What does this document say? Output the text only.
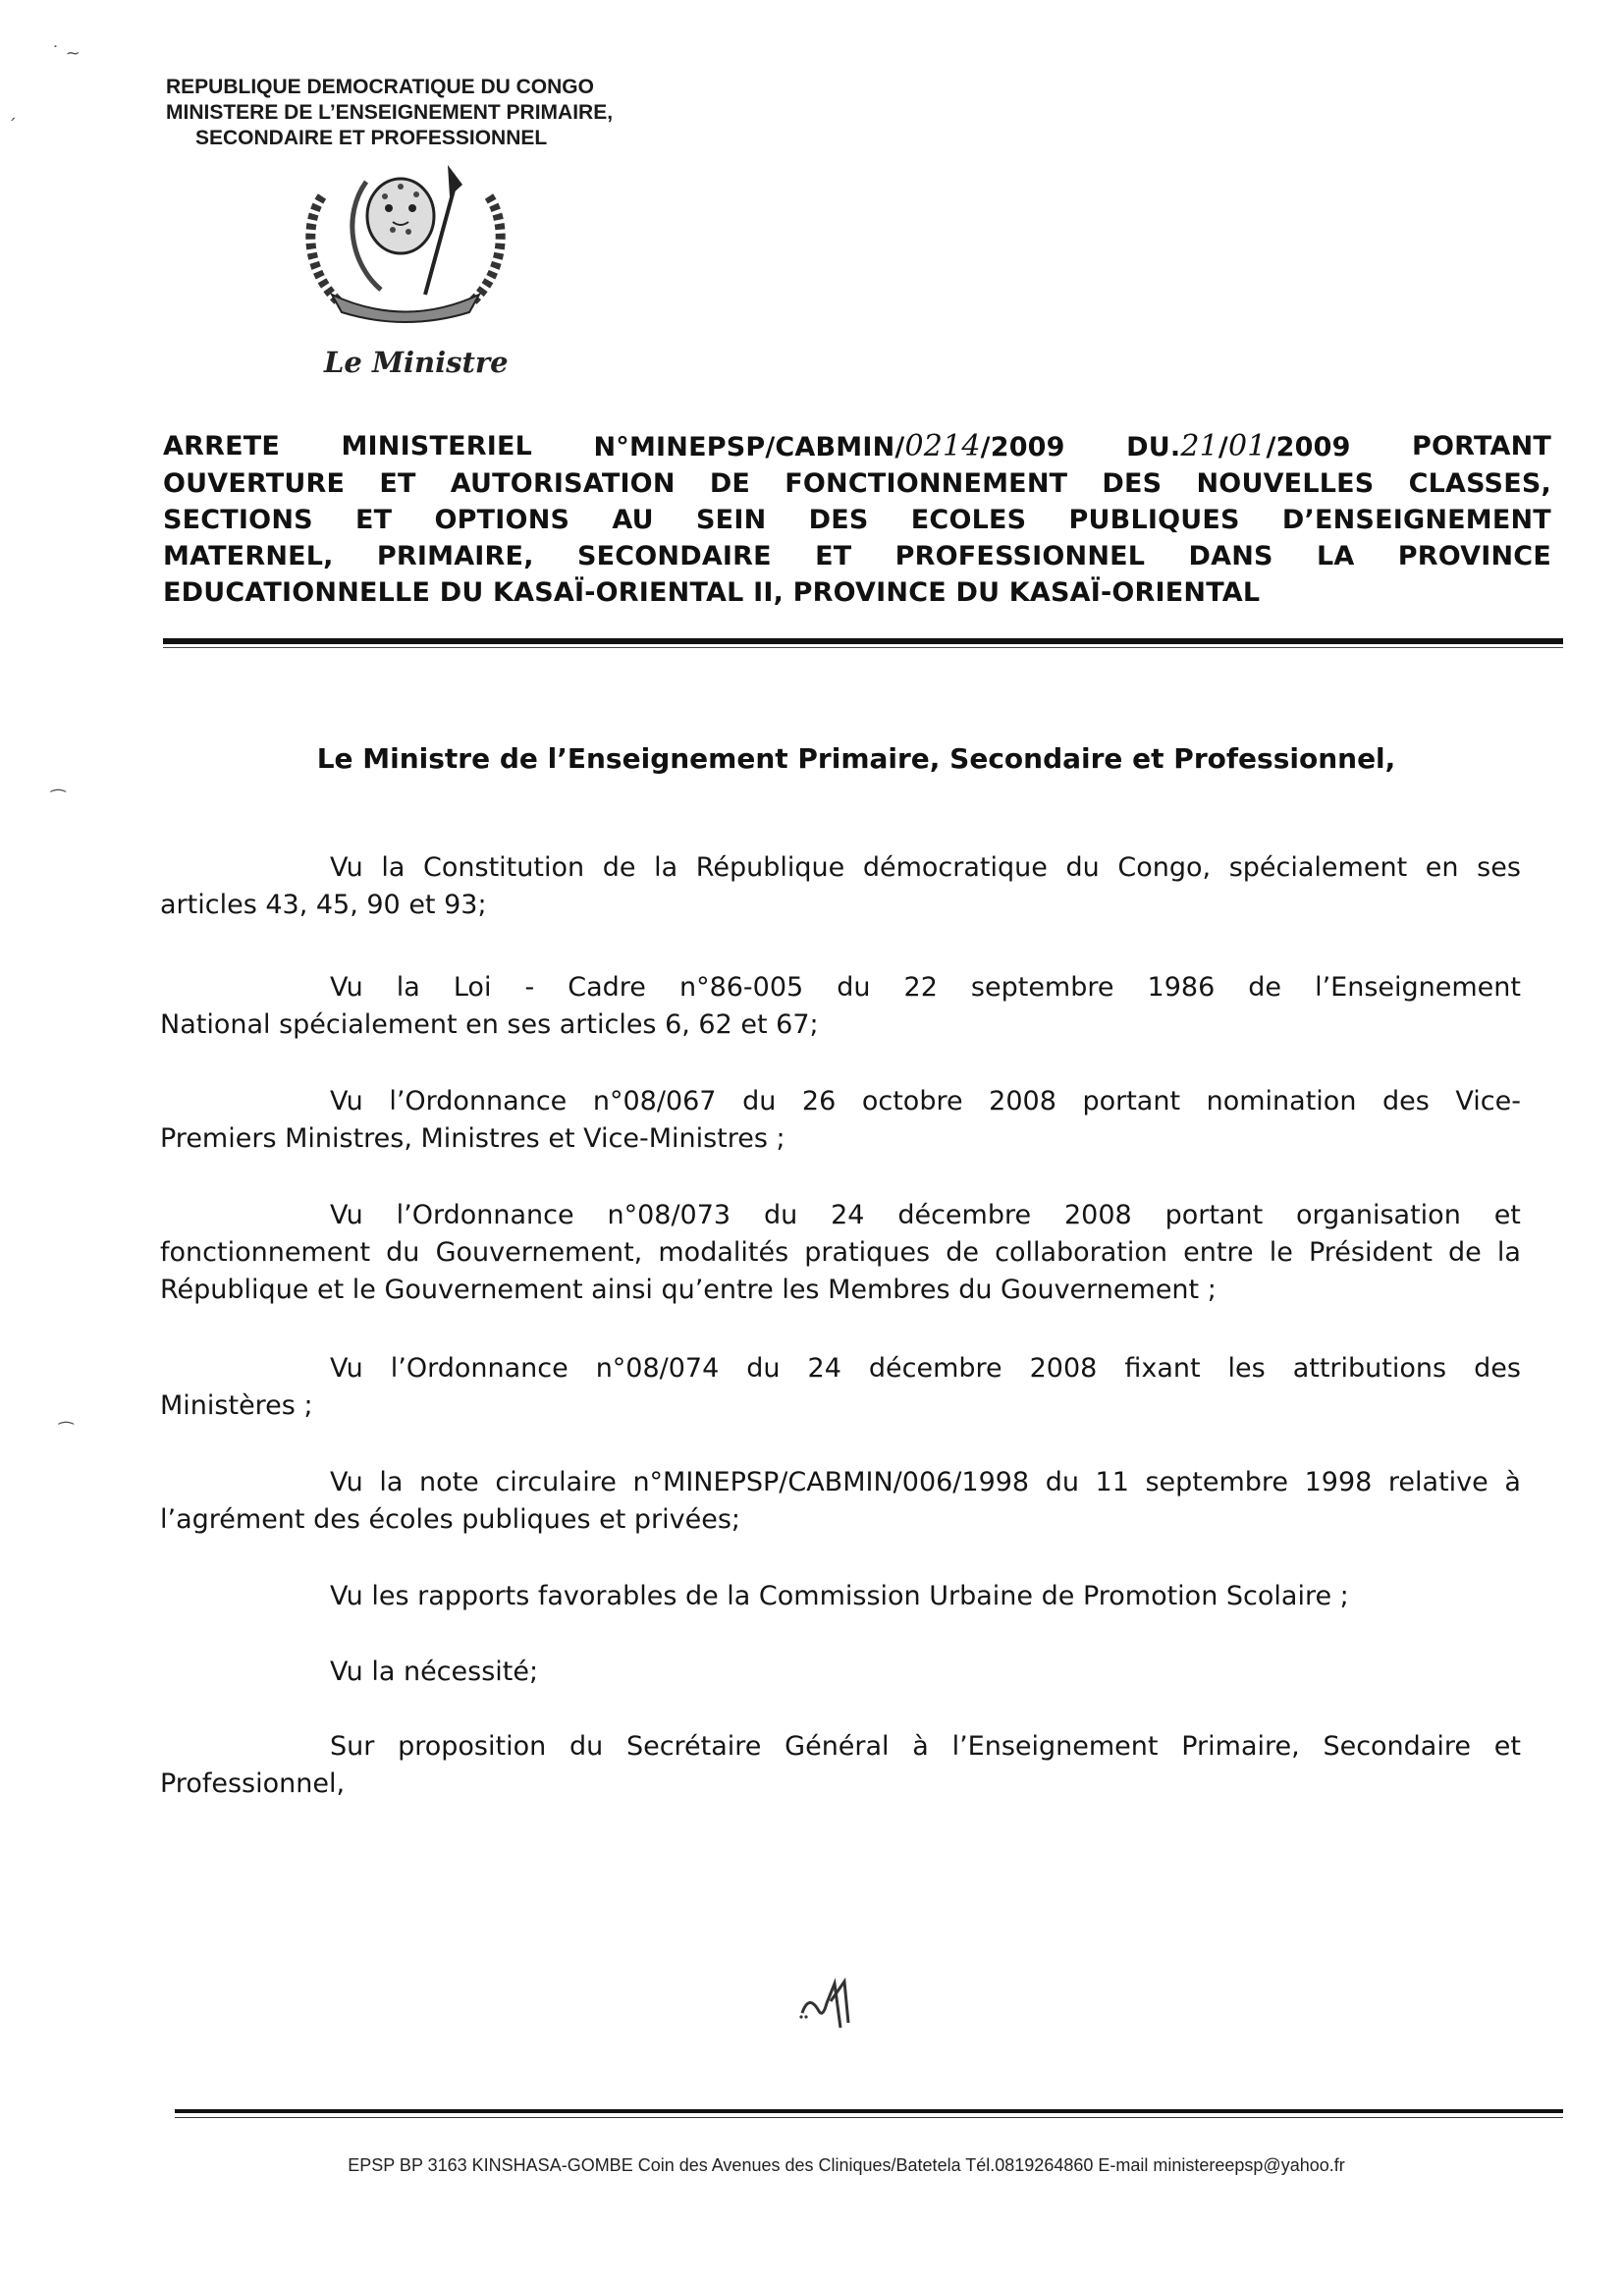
˙ ~
ˊ
⁀
⁀
REPUBLIQUE DEMOCRATIQUE DU CONGO
MINISTERE DE L’ENSEIGNEMENT PRIMAIRE,
SECONDAIRE ET PROFESSIONNEL
Le Ministre
ARRETE MINISTERIEL N°MINEPSP/CABMIN/0214/2009 DU.21/01/2009 PORTANT
OUVERTURE ET AUTORISATION DE FONCTIONNEMENT DES NOUVELLES CLASSES,
SECTIONS ET OPTIONS AU SEIN DES ECOLES PUBLIQUES D’ENSEIGNEMENT
MATERNEL, PRIMAIRE, SECONDAIRE ET PROFESSIONNEL DANS LA PROVINCE
EDUCATIONNELLE DU KASAÏ-ORIENTAL II, PROVINCE DU KASAÏ-ORIENTAL
Le Ministre de l’Enseignement Primaire, Secondaire et Professionnel,
Vu la Constitution de la République démocratique du Congo, spécialement en ses
articles 43, 45, 90 et 93;
Vu la Loi - Cadre n°86-005 du 22 septembre 1986 de l’Enseignement
National spécialement en ses articles 6, 62 et 67;
Vu l’Ordonnance n°08/067 du 26 octobre 2008 portant nomination des Vice-
Premiers Ministres, Ministres et Vice-Ministres ;
Vu l’Ordonnance n°08/073 du 24 décembre 2008 portant organisation et
fonctionnement du Gouvernement, modalités pratiques de collaboration entre le Président de la
République et le Gouvernement ainsi qu’entre les Membres du Gouvernement ;
Vu l’Ordonnance n°08/074 du 24 décembre 2008 fixant les attributions des
Ministères ;
Vu la note circulaire n°MINEPSP/CABMIN/006/1998 du 11 septembre 1998 relative à
l’agrément des écoles publiques et privées;
Vu les rapports favorables de la Commission Urbaine de Promotion Scolaire ;
Vu la nécessité;
Sur proposition du Secrétaire Général à l’Enseignement Primaire, Secondaire et
Professionnel,
EPSP BP 3163 KINSHASA-GOMBE Coin des Avenues des Cliniques/Batetela Tél.0819264860 E-mail ministereepsp@yahoo.fr
